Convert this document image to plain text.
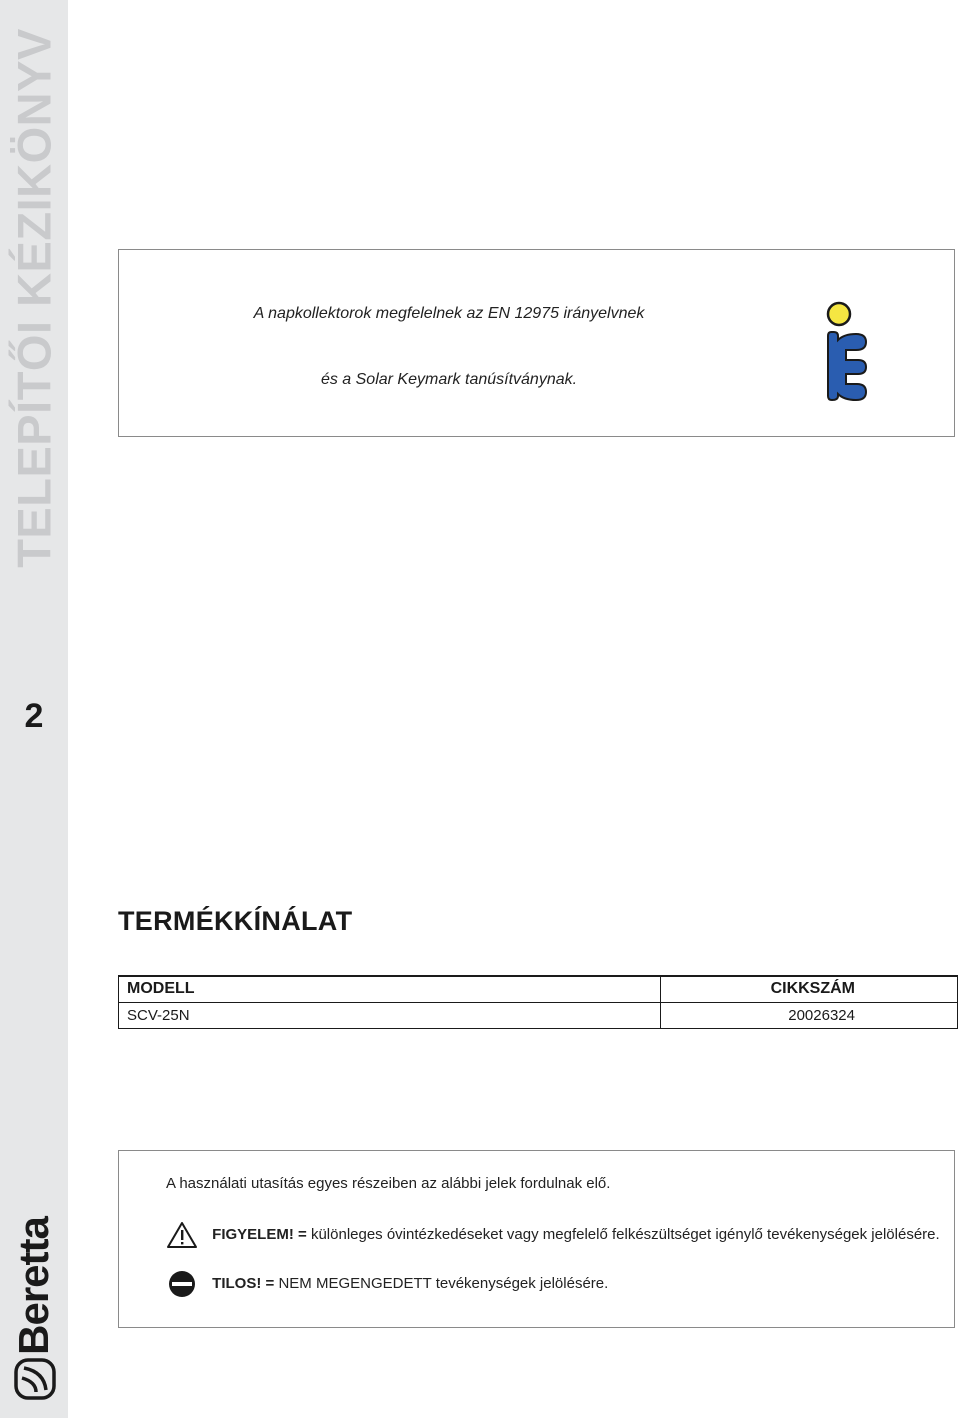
TELEPÍTŐI KÉZIKÖNYV
2
Beretta
A napkollektorok megfelelnek az EN 12975 irányelvnek
és a Solar Keymark tanúsítványnak.
TERMÉKKÍNÁLAT
MODELL	CIKKSZÁM
SCV-25N	20026324
A használati utasítás egyes részeiben az alábbi jelek fordulnak elő.
FIGYELEM! = különleges óvintézkedéseket vagy megfelelő felkészültséget igénylő tevékenységek jelölésére.
TILOS! = NEM MEGENGEDETT tevékenységek jelölésére.
